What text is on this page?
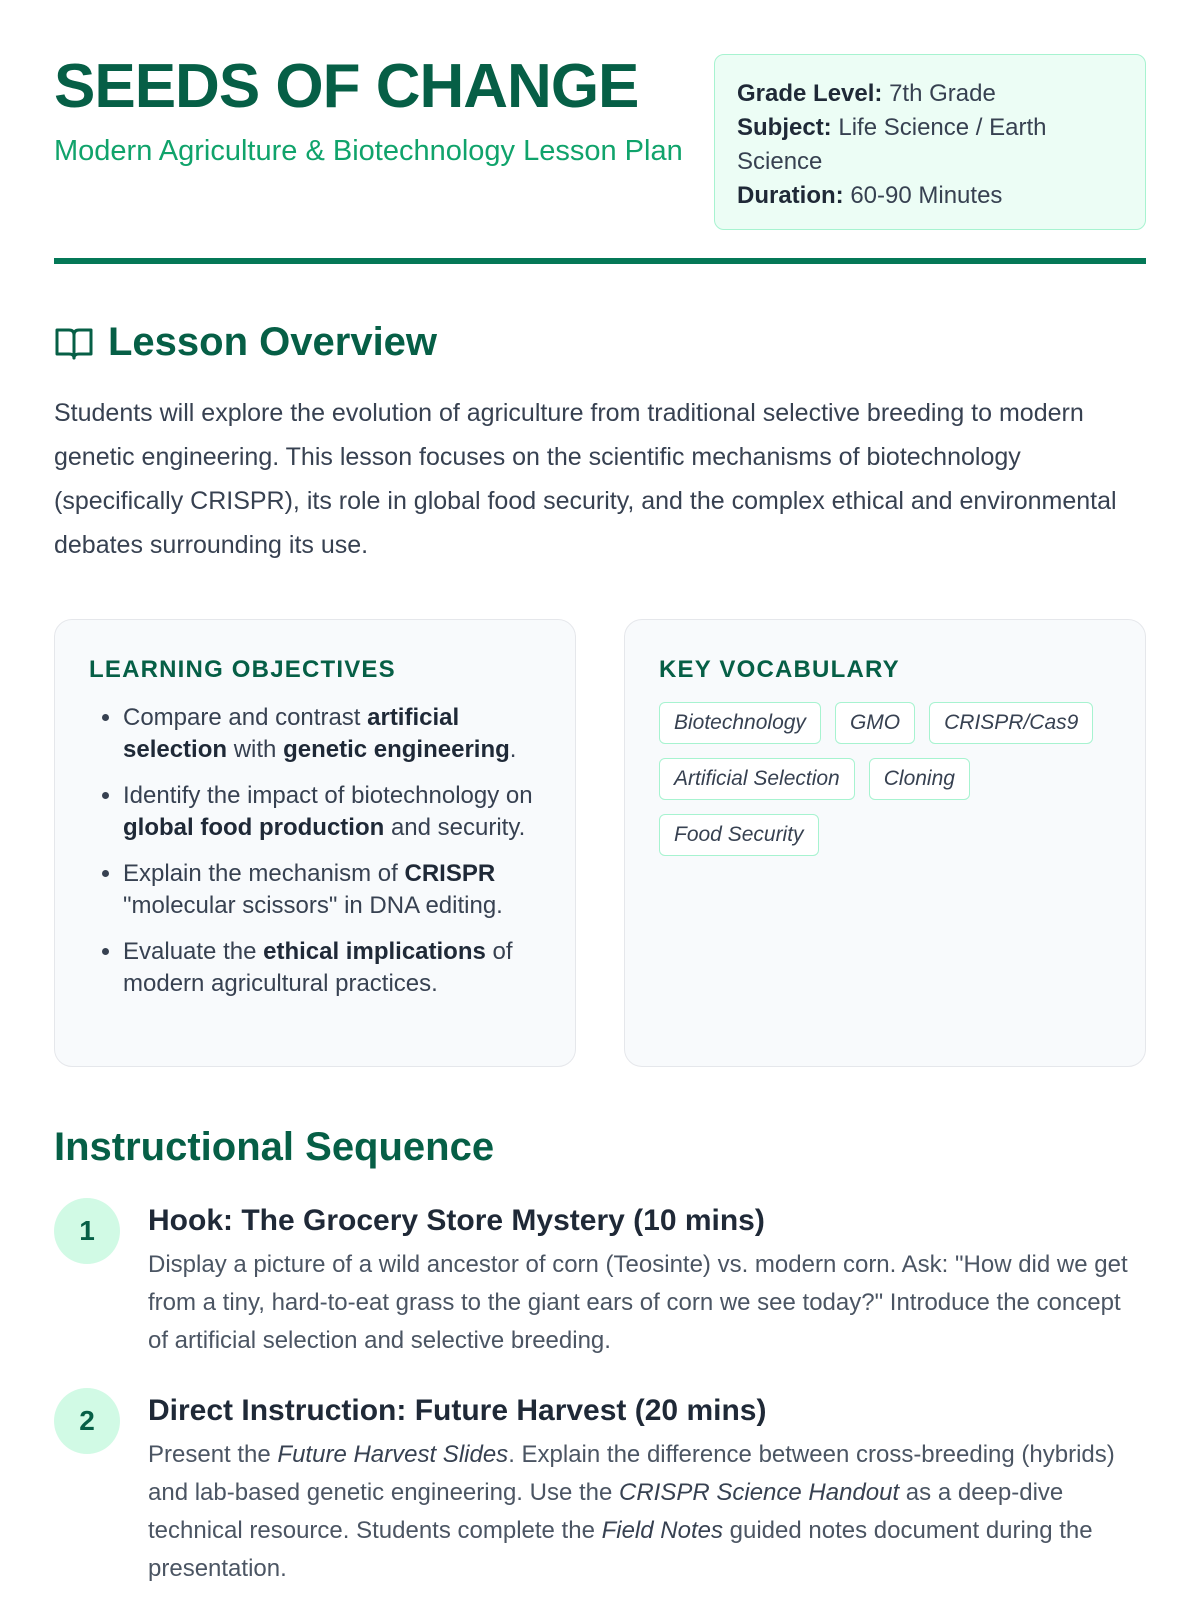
SEEDS OF CHANGE
Modern Agriculture & Biotechnology Lesson Plan
Grade Level: 7th Grade
Subject: Life Science / Earth Science
Duration: 60-90 Minutes
Lesson Overview

Students will explore the evolution of agriculture from traditional selective breeding to modern genetic engineering. This lesson focuses on the scientific mechanisms of biotechnology (specifically CRISPR), its role in global food security, and the complex ethical and environmental debates surrounding its use.

LEARNING OBJECTIVES
• Compare and contrast artificial selection with genetic engineering.
• Identify the impact of biotechnology on global food production and security.
• Explain the mechanism of CRISPR "molecular scissors" in DNA editing.
• Evaluate the ethical implications of modern agricultural practices.
KEY VOCABULARY
Biotechnology	GMO	CRISPR/Cas9
Artificial Selection	Cloning
Food Security
Instructional Sequence
1	Hook: The Grocery Store Mystery (10 mins)
Display a picture of a wild ancestor of corn (Teosinte) vs. modern corn. Ask: "How did we get from a tiny, hard-to-eat grass to the giant ears of corn we see today?" Introduce the concept of artificial selection and selective breeding.
2	Direct Instruction: Future Harvest (20 mins)
Present the Future Harvest Slides. Explain the difference between cross-breeding (hybrids) and lab-based genetic engineering. Use the CRISPR Science Handout as a deep-dive technical resource. Students complete the Field Notes guided notes document during the presentation.
